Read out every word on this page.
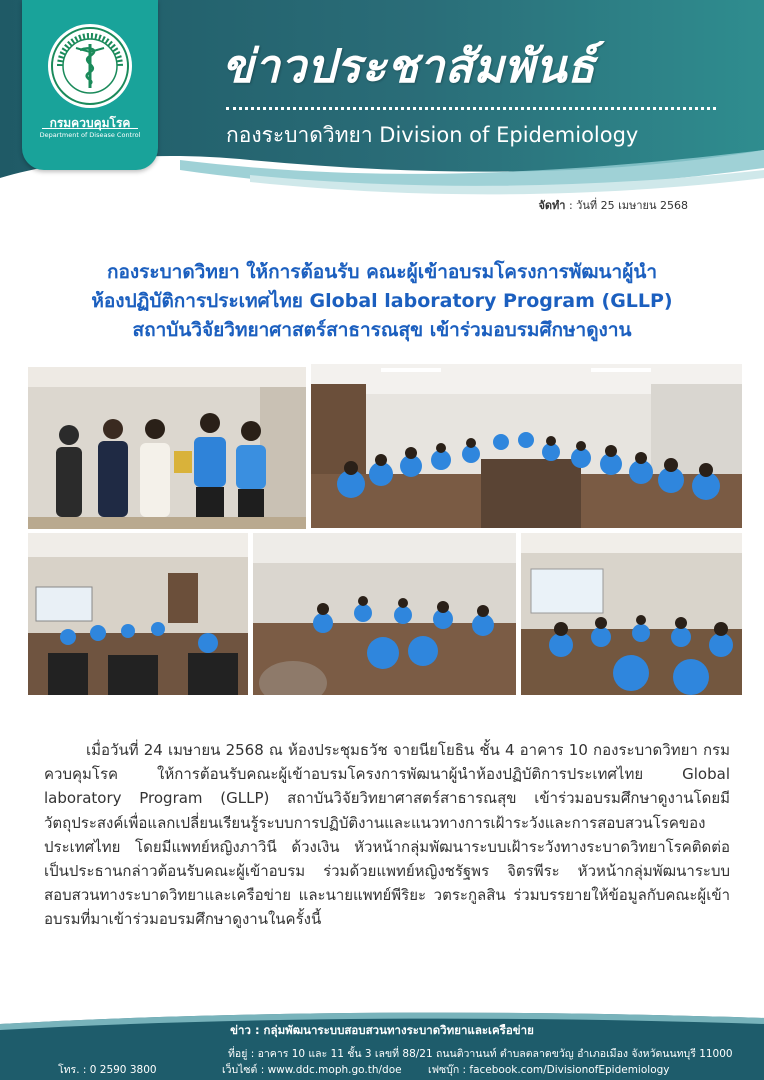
กรมควบคุมโรค
Department of Disease Control
ข่าวประชาสัมพันธ์
กองระบาดวิทยา Division of Epidemiology
จัดทำ : วันที่ 25 เมษายน 2568
กองระบาดวิทยา ให้การต้อนรับ คณะผู้เข้าอบรมโครงการพัฒนาผู้นำ
ห้องปฏิบัติการประเทศไทย Global laboratory Program (GLLP)
สถาบันวิจัยวิทยาศาสตร์สาธารณสุข เข้าร่วมอบรมศึกษาดูงาน
เมื่อวันที่ 24 เมษายน 2568 ณ ห้องประชุมธวัช จายนียโยธิน ชั้น 4 อาคาร 10 กองระบาดวิทยา กรมควบคุมโรค ให้การต้อนรับคณะผู้เข้าอบรมโครงการพัฒนาผู้นำห้องปฏิบัติการประเทศไทย Global laboratory Program (GLLP) สถาบันวิจัยวิทยาศาสตร์สาธารณสุข เข้าร่วมอบรมศึกษาดูงานโดยมีวัตถุประสงค์เพื่อแลกเปลี่ยนเรียนรู้ระบบการปฏิบัติงานและแนวทางการเฝ้าระวังและการสอบสวนโรคของประเทศไทย โดยมีแพทย์หญิงภาวินี ด้วงเงิน หัวหน้ากลุ่มพัฒนาระบบเฝ้าระวังทางระบาดวิทยาโรคติดต่อ เป็นประธานกล่าวต้อนรับคณะผู้เข้าอบรม ร่วมด้วยแพทย์หญิงชรัฐพร จิตรพีระ หัวหน้ากลุ่มพัฒนาระบบสอบสวนทางระบาดวิทยาและเครือข่าย และนายแพทย์พีริยะ วตระกูลสิน ร่วมบรรยายให้ข้อมูลกับคณะผู้เข้าอบรมที่มาเข้าร่วมอบรมศึกษาดูงานในครั้งนี้
ข่าว : กลุ่มพัฒนาระบบสอบสวนทางระบาดวิทยาและเครือข่าย
ที่อยู่ : อาคาร 10 และ 11 ชั้น 3 เลขที่ 88/21 ถนนติวานนท์ ตำบลตลาดขวัญ อำเภอเมือง จังหวัดนนทบุรี 11000
โทร. : 0 2590 3800	เว็บไซต์ : www.ddc.moph.go.th/doe	เฟซบุ๊ก : facebook.com/DivisionofEpidemiology
